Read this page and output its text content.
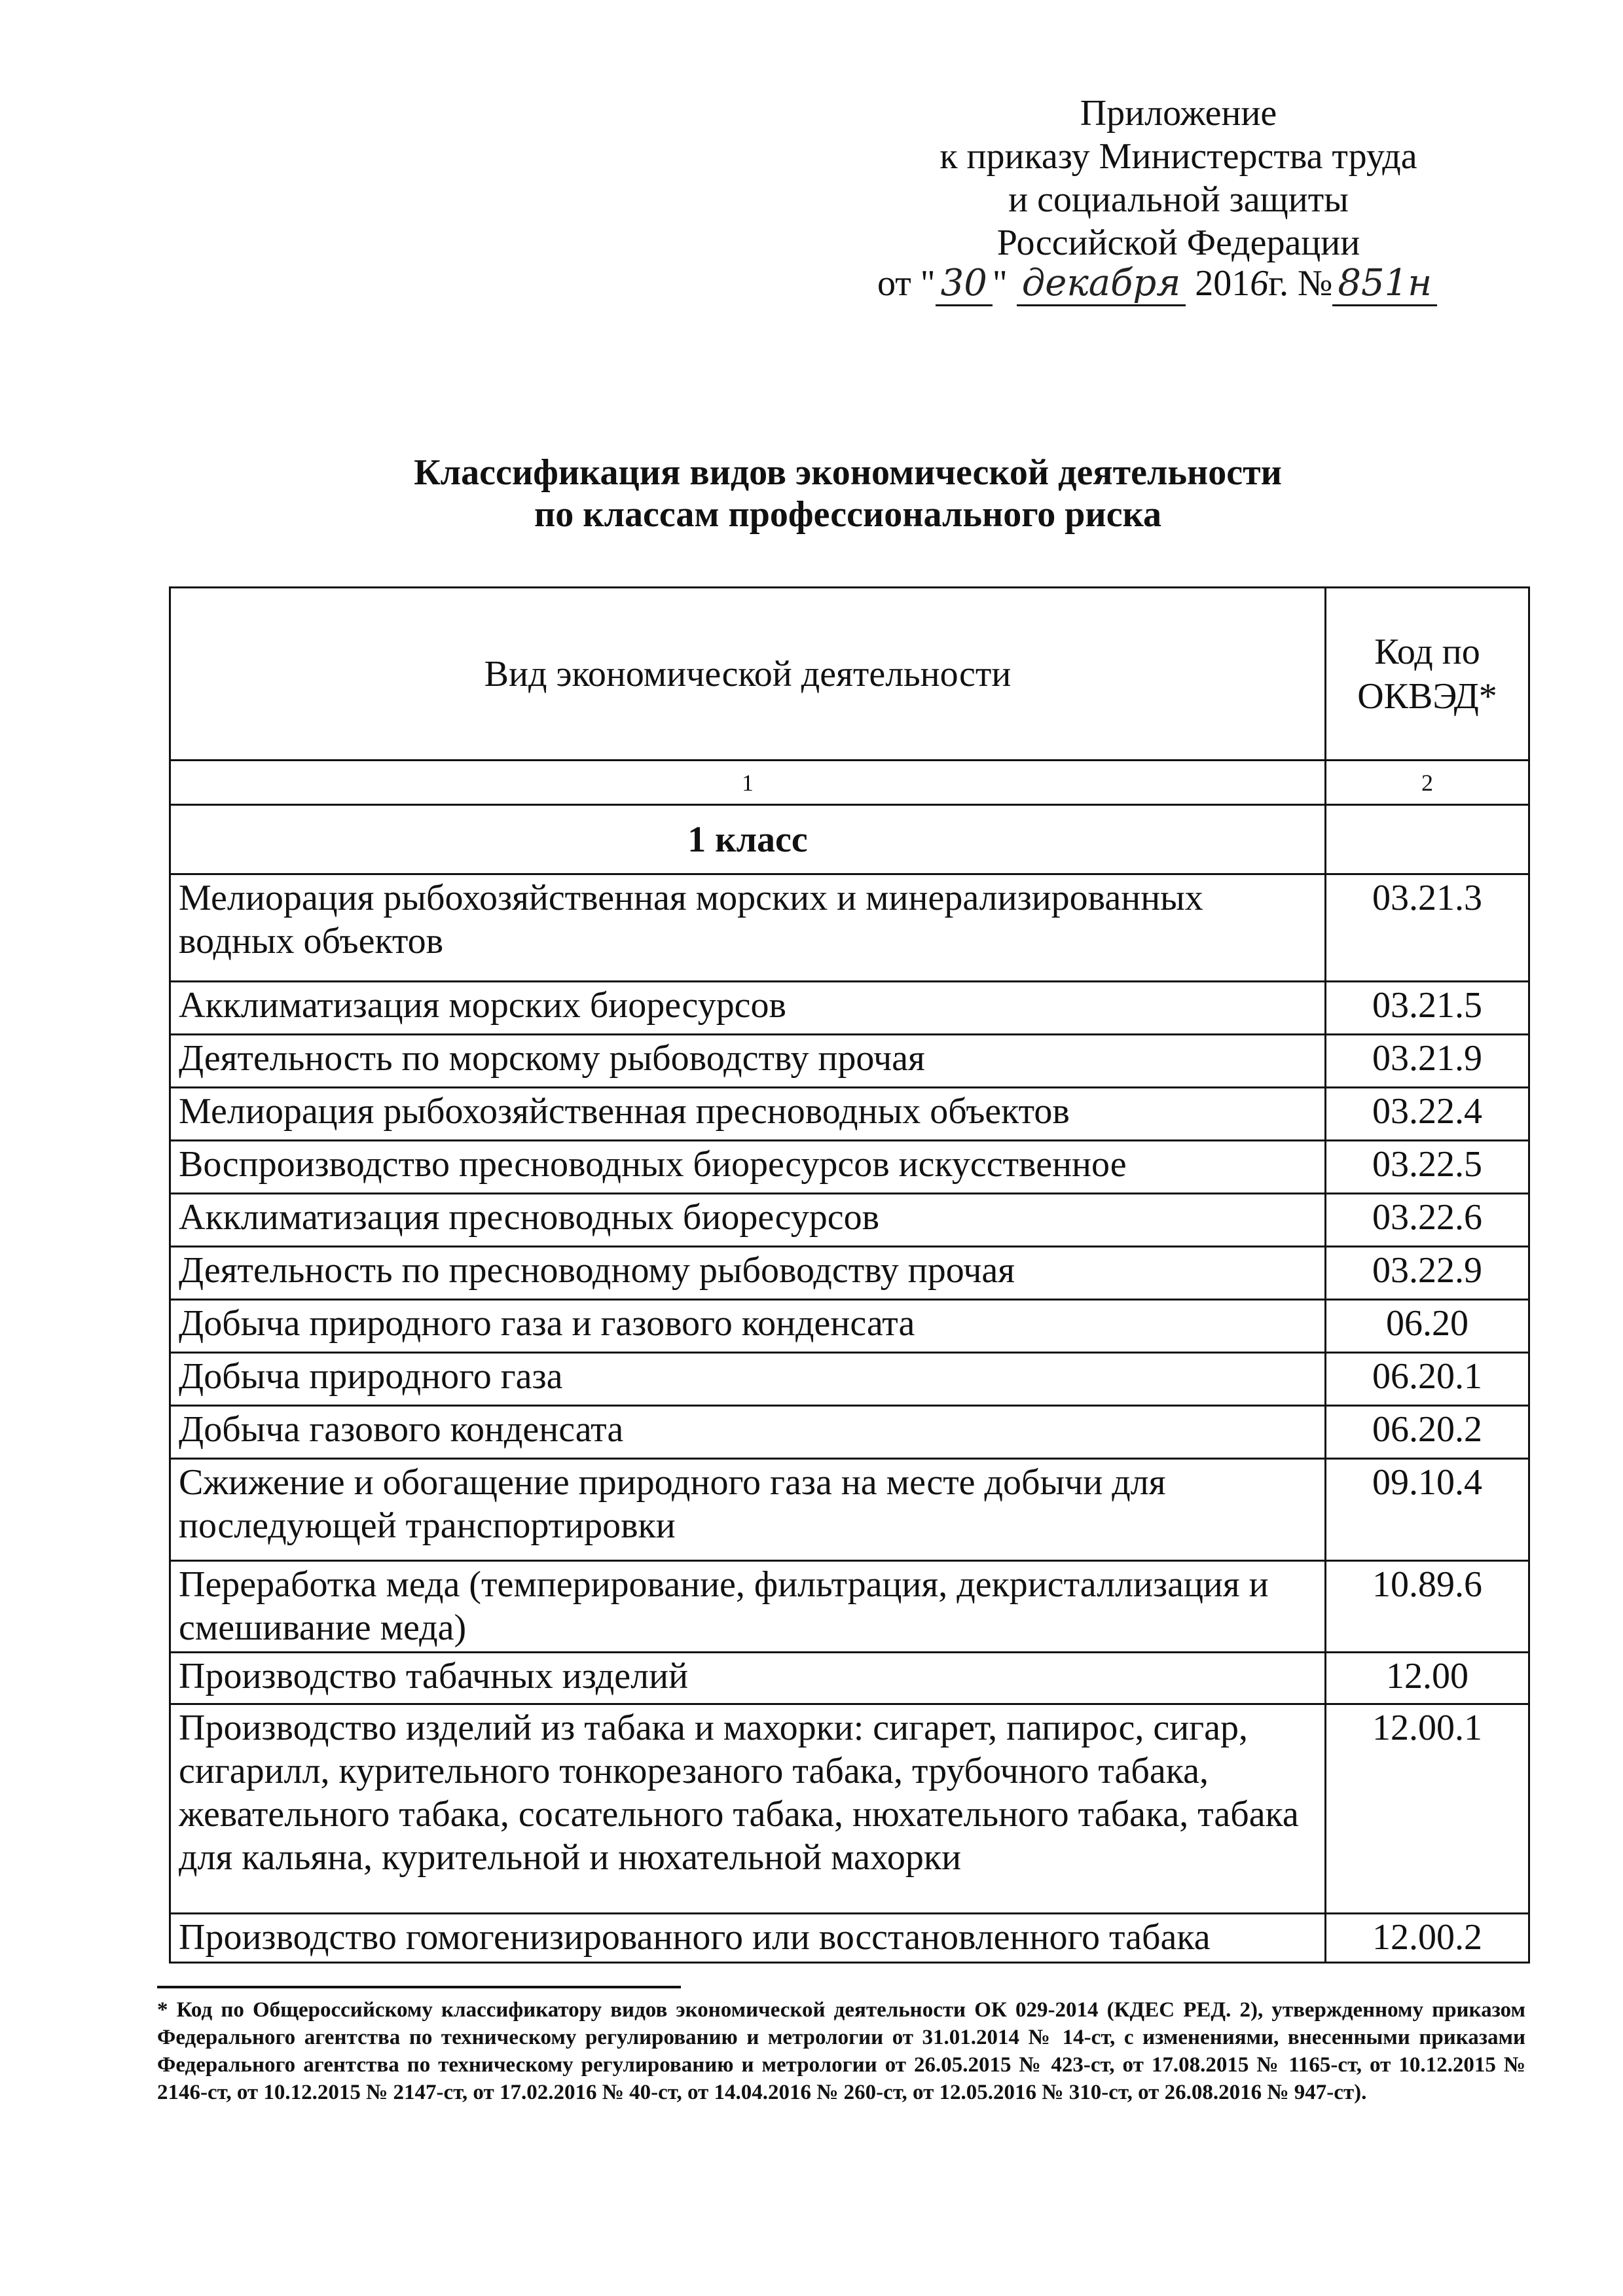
Приложение
к приказу Министерства труда
и социальной защиты
Российской Федерации
от " 30 " декабря 2016г. № 851н
Классификация видов экономической деятельности
по классам профессионального риска
Вид экономической деятельности	Код по ОКВЭД*
1	2
1 класс	
Мелиорация рыбохозяйственная морских и минерализированных водных объектов	03.21.3
Акклиматизация морских биоресурсов	03.21.5
Деятельность по морскому рыбоводству прочая	03.21.9
Мелиорация рыбохозяйственная пресноводных объектов	03.22.4
Воспроизводство пресноводных биоресурсов искусственное	03.22.5
Акклиматизация пресноводных биоресурсов	03.22.6
Деятельность по пресноводному рыбоводству прочая	03.22.9
Добыча природного газа и газового конденсата	06.20
Добыча природного газа	06.20.1
Добыча газового конденсата	06.20.2
Сжижение и обогащение природного газа на месте добычи для последующей транспортировки	09.10.4
Переработка меда (темперирование, фильтрация, декристаллизация и смешивание меда)	10.89.6
Производство табачных изделий	12.00
Производство изделий из табака и махорки: сигарет, папирос, сигар, сигарилл, курительного тонкорезаного табака, трубочного табака, жевательного табака, сосательного табака, нюхательного табака, табака для кальяна, курительной и нюхательной махорки	12.00.1
Производство гомогенизированного или восстановленного табака	12.00.2
* Код по Общероссийскому классификатору видов экономической деятельности ОК 029-2014 (КДЕС РЕД. 2), утвержденному приказом Федерального агентства по техническому регулированию и метрологии от 31.01.2014 № 14-ст, с изменениями, внесенными приказами Федерального агентства по техническому регулированию и метрологии от 26.05.2015 № 423-ст, от 17.08.2015 № 1165-ст, от 10.12.2015 № 2146-ст, от 10.12.2015 № 2147-ст, от 17.02.2016 № 40-ст, от 14.04.2016 № 260-ст, от 12.05.2016 № 310-ст, от 26.08.2016 № 947-ст).
